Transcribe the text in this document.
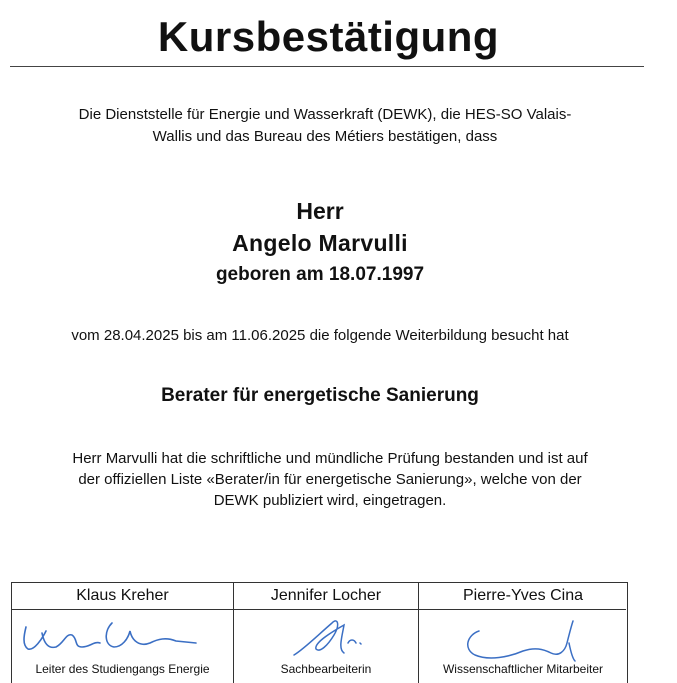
Kursbestätigung
Die Dienststelle für Energie und Wasserkraft (DEWK), die HES-SO Valais-
Wallis und das Bureau des Métiers bestätigen, dass
Herr
Angelo Marvulli
geboren am 18.07.1997
vom 28.04.2025 bis am 11.06.2025 die folgende Weiterbildung besucht hat
Berater für energetische Sanierung
Herr Marvulli hat die schriftliche und mündliche Prüfung bestanden und ist auf
der offiziellen Liste «Berater/in für energetische Sanierung», welche von der
DEWK publiziert wird, eingetragen.
Klaus Kreher
Leiter des Studiengangs Energie
Jennifer Locher
Sachbearbeiterin
Pierre-Yves Cina
Wissenschaftlicher Mitarbeiter
